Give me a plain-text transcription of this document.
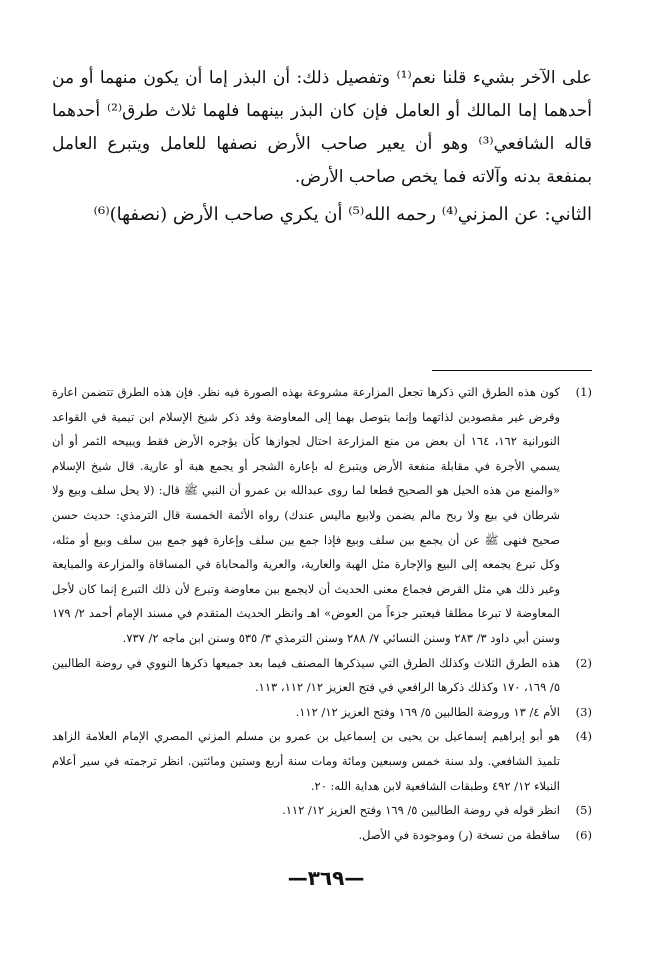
على الآخر بشيء قلنا نعم⁽¹⁾ وتفصيل ذلك: أن البذر إما أن يكون منهما أو من أحدهما إما المالك أو العامل فإن كان البذر بينهما فلهما ثلاث طرق⁽²⁾ أحدهما قاله الشافعي⁽³⁾ وهو أن يعير صاحب الأرض نصفها للعامل ويتبرع العامل بمنفعة بدنه وآلاته فما يخص صاحب الأرض.

الثاني: عن المزني⁽⁴⁾ رحمه الله⁽⁵⁾ أن يكري صاحب الأرض (نصفها)⁽⁶⁾

(1)
كون هذه الطرق التي ذكرها تجعل المزارعة مشروعة بهذه الصورة فيه نظر. فإن هذه الطرق تتضمن اعارة وقرض غير مقصودين لذاتهما وإنما يتوصل بهما إلى المعاوضة وقد ذكر شيخ الإسلام ابن تيمية في القواعد النورانية ١٦٢، ١٦٤ أن بعض من منع المزارعة احتال لجوازها كأن يؤجره الأرض فقط ويبيحه الثمر أو أن يسمي الأجرة في مقابلة منفعة الأرض ويتبرع له بإعارة الشجر أو يجمع هبة أو عارية. قال شيخ الإسلام «والمنع من هذه الحيل هو الصحيح قطعا لما روى عبدالله بن عمرو أن النبي ﷺ قال: (لا يحل سلف وبيع ولا شرطان في بيع ولا ربح مالم يضمن ولابيع ماليس عندك) رواه الأئمة الخمسة قال الترمذي: حديث حسن صحيح فنهى ﷺ عن أن يجمع بين سلف وبيع فإذا جمع بين سلف وإعارة فهو جمع بين سلف وبيع أو مثله، وكل تبرع يجمعه إلى البيع والإجارة مثل الهبة والعارية، والعرية والمحاباة في المساقاة والمزارعة والمبايعة وغير ذلك هي مثل القرض فجماع معنى الحديث أن لايجمع بين معاوضة وتبرع لأن ذلك التبرع إنما كان لأجل المعاوضة لا تبرعا مطلقا فيعتبر جزءاً من العوض» اهـ وانظر الحديث المتقدم في مسند الإمام أحمد ٢/ ١٧٩ وسنن أبي داود ٣/ ٢٨٣ وسنن النسائي ٧/ ٢٨٨ وسنن الترمذي ٣/ ٥٣٥ وسنن ابن ماجه ٢/ ٧٣٧.
(2)
هذه الطرق الثلاث وكذلك الطرق التي سيذكرها المصنف فيما بعد جميعها ذكرها النووي في روضة الطالبين ٥/ ١٦٩، ١٧٠ وكذلك ذكرها الرافعي في فتح العزيز ١٢/ ١١٢، ١١٣.
(3)
الأم ٤/ ١٣ وروضة الطالبين ٥/ ١٦٩ وفتح العزيز ١٢/ ١١٢.
(4)
هو أبو إبراهيم إسماعيل بن يحيى بن إسماعيل بن عمرو بن مسلم المزني المصري الإمام العلامة الزاهد تلميذ الشافعي. ولد سنة خمس وسبعين ومائة ومات سنة أربع وستين ومائتين. انظر ترجمته في سير أعلام النبلاء ١٢/ ٤٩٢ وطبقات الشافعية لابن هداية الله: ٢٠.
(5)
انظر قوله في روضة الطالبين ٥/ ١٦٩ وفتح العزيز ١٢/ ١١٢.
(6)
ساقطة من نسخة (ر) وموجودة في الأصل.
—٣٦٩—
